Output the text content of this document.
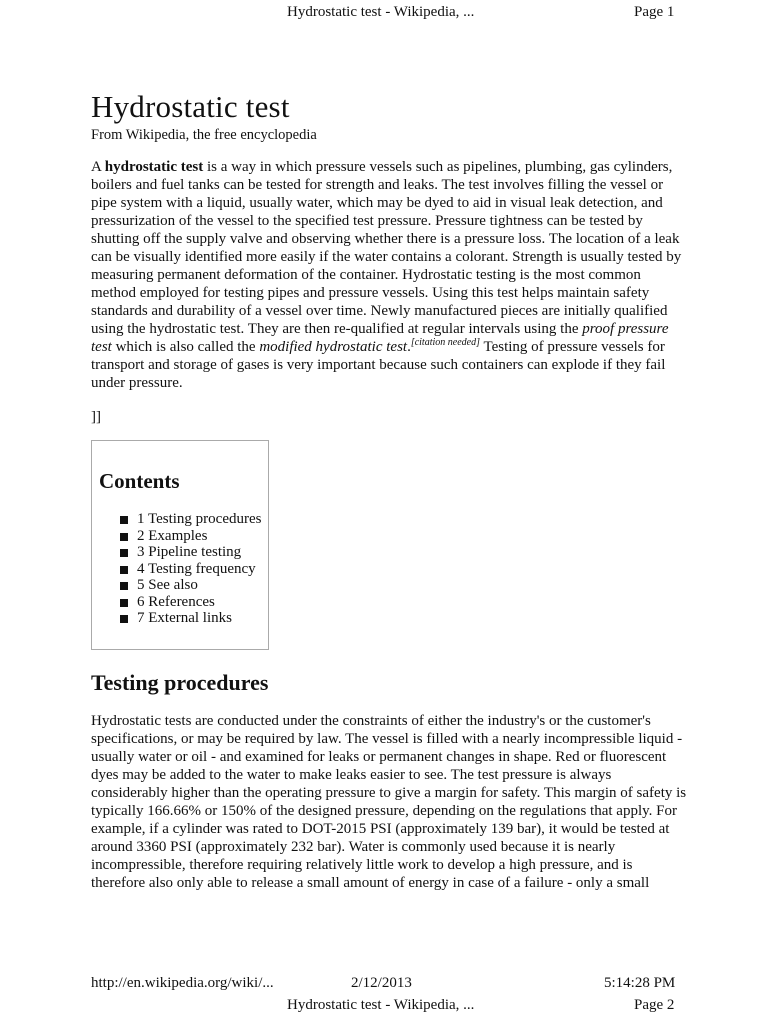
Hydrostatic test - Wikipedia, ...	Page 1
Hydrostatic test

From Wikipedia, the free encyclopedia

A hydrostatic test is a way in which pressure vessels such as pipelines, plumbing, gas cylinders, boilers and fuel tanks can be tested for strength and leaks. The test involves filling the vessel or pipe system with a liquid, usually water, which may be dyed to aid in visual leak detection, and pressurization of the vessel to the specified test pressure. Pressure tightness can be tested by shutting off the supply valve and observing whether there is a pressure loss. The location of a leak can be visually identified more easily if the water contains a colorant. Strength is usually tested by measuring permanent deformation of the container. Hydrostatic testing is the most common method employed for testing pipes and pressure vessels. Using this test helps maintain safety standards and durability of a vessel over time. Newly manufactured pieces are initially qualified using the hydrostatic test. They are then re-qualified at regular intervals using the proof pressure test which is also called the modified hydrostatic test.[citation needed] Testing of pressure vessels for transport and storage of gases is very important because such containers can explode if they fail under pressure.

]]

Contents
1 Testing procedures
2 Examples
3 Pipeline testing
4 Testing frequency
5 See also
6 References
7 External links
Testing procedures

Hydrostatic tests are conducted under the constraints of either the industry's or the customer's specifications, or may be required by law. The vessel is filled with a nearly incompressible liquid - usually water or oil - and examined for leaks or permanent changes in shape. Red or fluorescent dyes may be added to the water to make leaks easier to see. The test pressure is always considerably higher than the operating pressure to give a margin for safety. This margin of safety is typically 166.66% or 150% of the designed pressure, depending on the regulations that apply. For example, if a cylinder was rated to DOT-2015 PSI (approximately 139 bar), it would be tested at around 3360 PSI (approximately 232 bar). Water is commonly used because it is nearly incompressible, therefore requiring relatively little work to develop a high pressure, and is therefore also only able to release a small amount of energy in case of a failure - only a small

http://en.wikipedia.org/wiki/...	2/12/2013	5:14:28 PM
Hydrostatic test - Wikipedia, ...	Page 2
